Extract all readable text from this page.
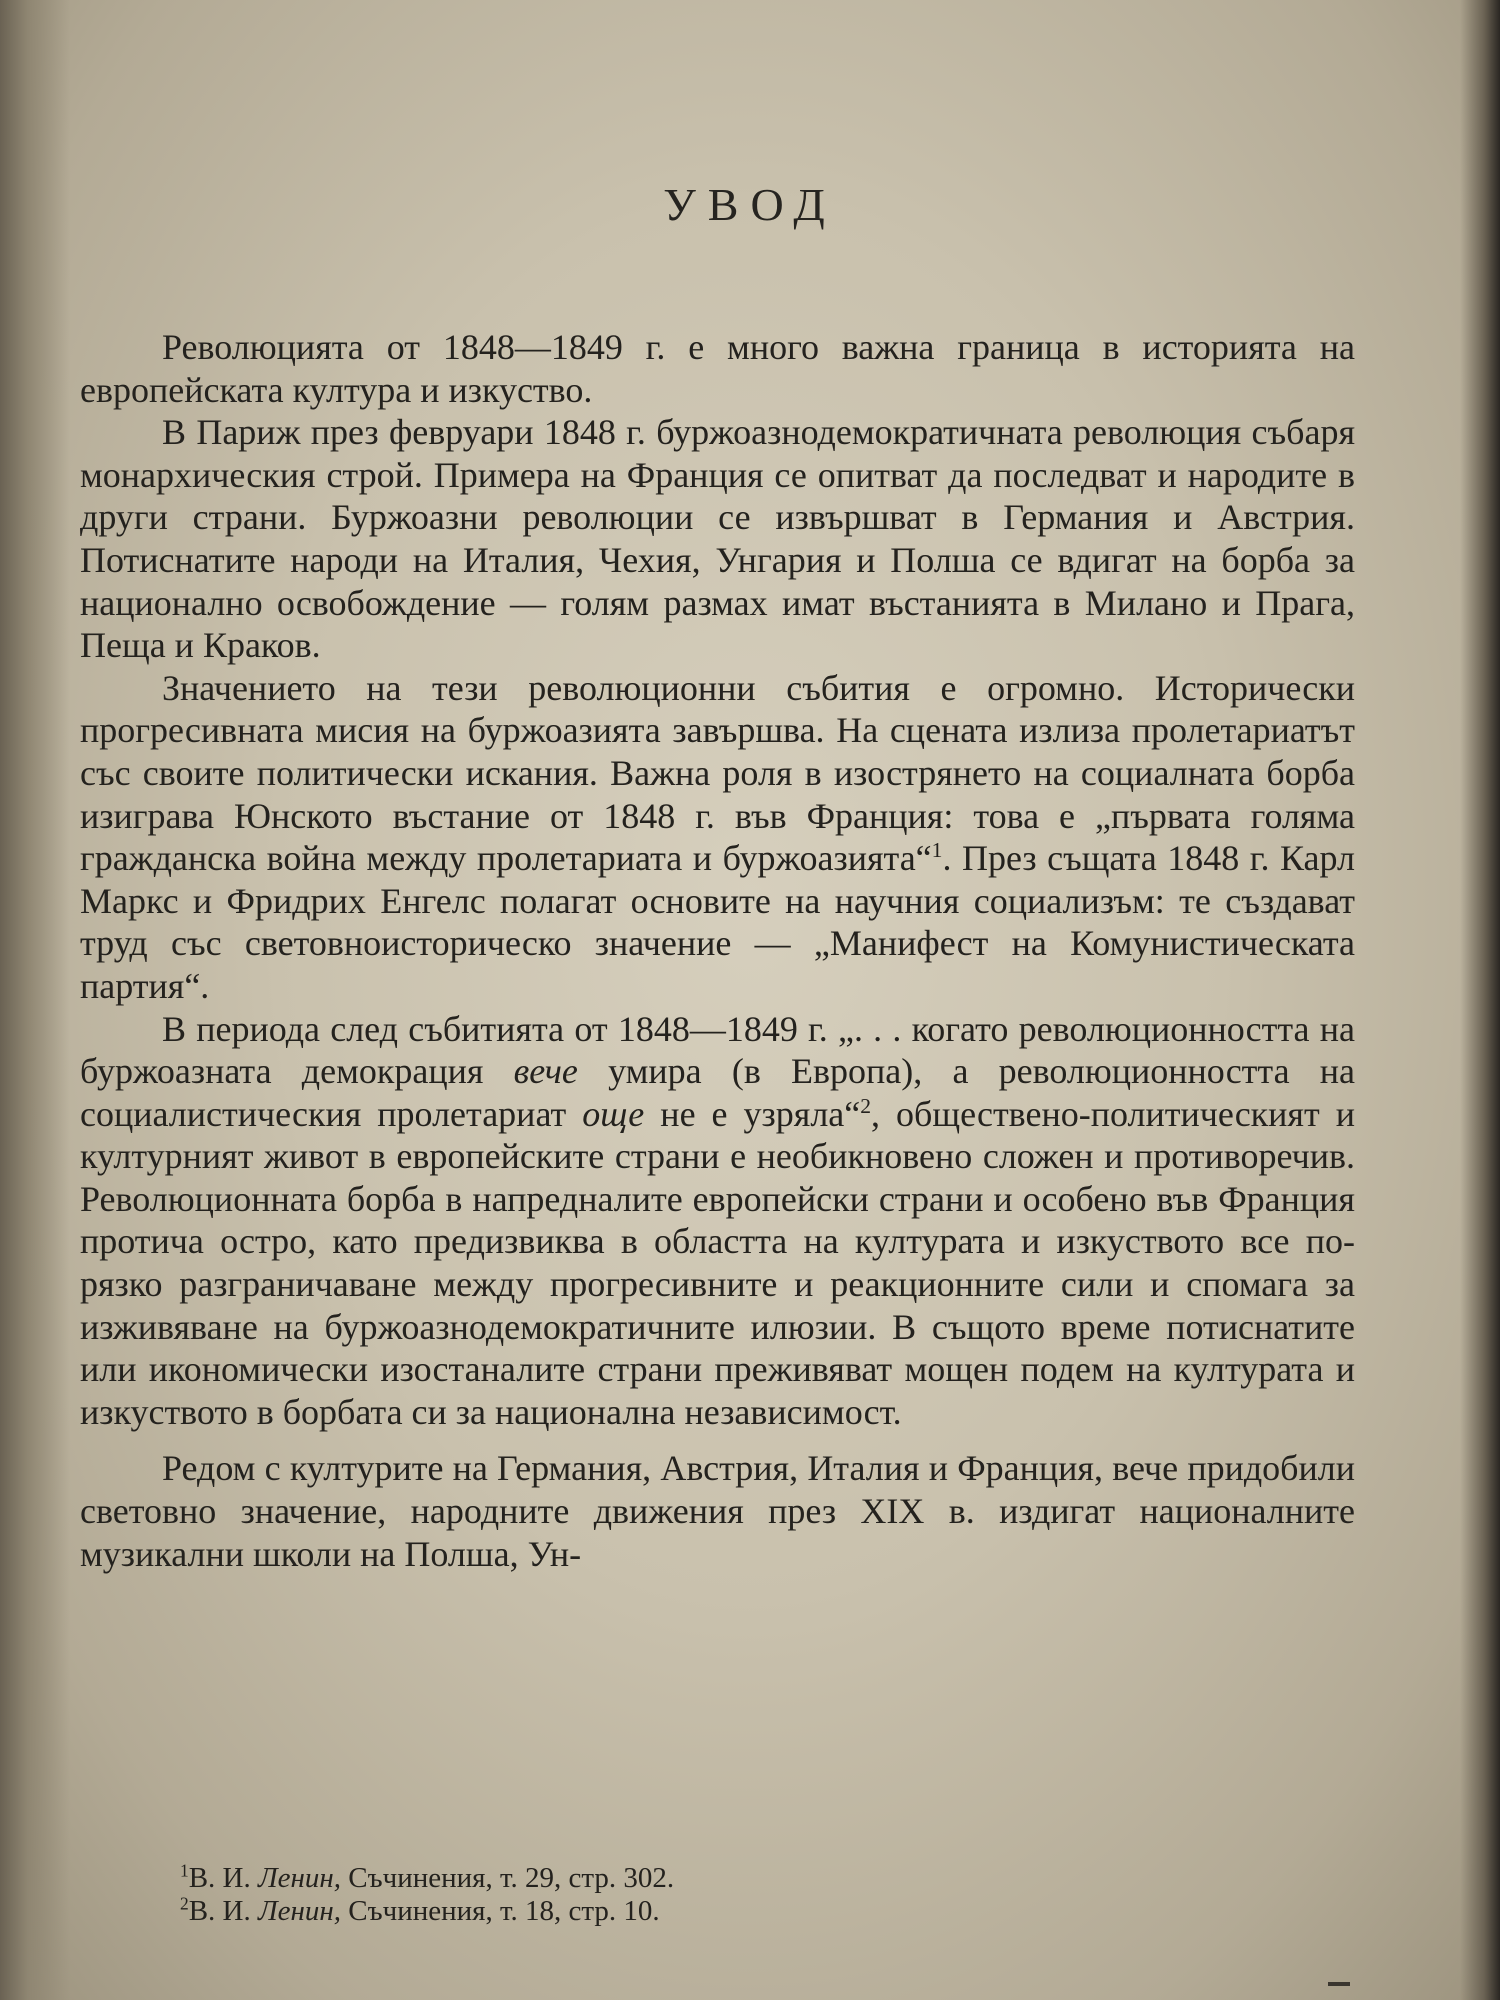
УВОД

Революцията от 1848—1849 г. е много важна граница в историята на европейската култура и изкуство.

В Париж през февруари 1848 г. буржоазнодемократичната революция събаря монархическия строй. Примера на Франция се опитват да последват и народите в други страни. Буржоазни революции се извършват в Германия и Австрия. Потиснатите народи на Италия, Чехия, Унгария и Полша се вдигат на борба за национално освобождение — голям размах имат въстанията в Милано и Прага, Пеща и Краков.

Значението на тези революционни събития е огромно. Исторически прогресивната мисия на буржоазията завършва. На сцената излиза пролетариатът със своите политически искания. Важна роля в изострянето на социалната борба изиграва Юнското въстание от 1848 г. във Франция: това е „първата голяма гражданска война между пролетариата и буржоазията“$^1$. През същата 1848 г. Карл Маркс и Фридрих Енгелс полагат основите на научния социализъм: те създават труд със световноисторическо значение — „Манифест на Комунистическата партия“.

В периода след събитията от 1848—1849 г. „. . . когато революционността на буржоазната демокрация вече умира (в Европа), а революционността на социалистическия пролетариат още не е узряла“$^2$, обществено-политическият и културният живот в европейските страни е необикновено сложен и противоречив. Революционната борба в напредналите европейски страни и особено във Франция протича остро, като предизвиква в областта на културата и изкуството все по-рязко разграничаване между прогресивните и реакционните сили и спомага за изживяване на буржоазнодемократичните илюзии. В същото време потиснатите или икономически изостаналите страни преживяват мощен подем на културата и изкуството в борбата си за национална независимост.

Редом с културите на Германия, Австрия, Италия и Франция, вече придобили световно значение, народните движения през XIX в. издигат националните музикални школи на Полша, Ун-

$^1$В. И. Ленин, Съчинения, т. 29, стр. 302.
$^2$В. И. Ленин, Съчинения, т. 18, стр. 10.
